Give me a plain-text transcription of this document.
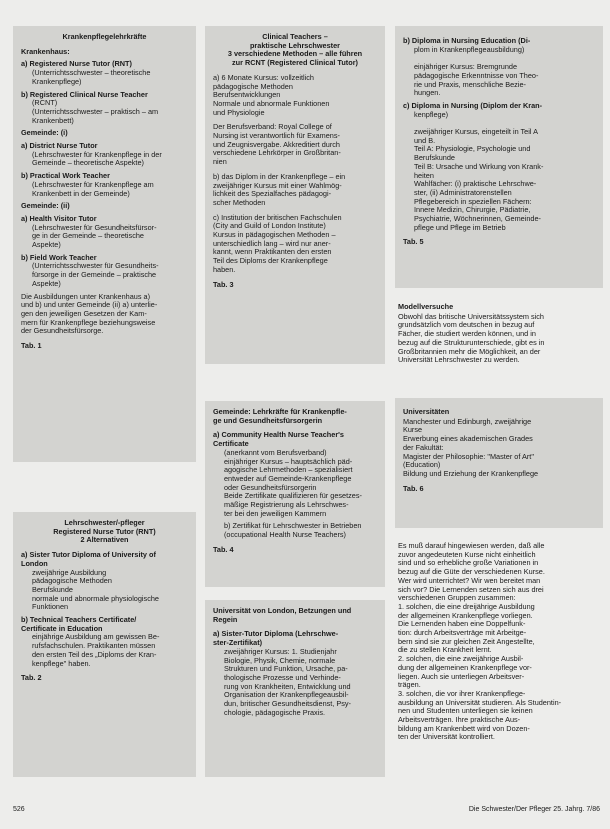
Krankenpflegelehrkräfte
Krankenhaus:
a) Registered Nurse Tutor (RNT)
(Unterrichtsschwester – theoretische
Krankenpflege)
b) Registered Clinical Nurse Teacher
(RCNT)
(Unterrichtsschwester – praktisch – am
Krankenbett)
Gemeinde: (i)
a) District Nurse Tutor
(Lehrschwester für Krankenpflege in der
Gemeinde – theoretische Aspekte)
b) Practical Work Teacher
(Lehrschwester für Krankenpflege am
Krankenbett in der Gemeinde)
Gemeinde: (ii)
a) Health Visitor Tutor
(Lehrschwester für Gesundheitsfürsor-
ge in der Gemeinde – theoretische
Aspekte)
b) Field Work Teacher
(Unterrichtsschwester für Gesundheits-
fürsorge in der Gemeinde – praktische
Aspekte)
Die Ausbildungen unter Krankenhaus a)
und b) und unter Gemeinde (ii) a) unterlie-
gen den jeweiligen Gesetzen der Kam-
mern für Krankenpflege beziehungsweise
der Gesundheitsfürsorge.
Tab. 1
Lehrschwester/-pfleger
Registered Nurse Tutor (RNT)
2 Alternativen
a) Sister Tutor Diploma of University of
London
zweijährige Ausbildung
pädagogische Methoden
Berufskunde
normale und abnormale physiologische
Funktionen
b) Technical Teachers Certificate/
Certificate in Education
einjährige Ausbildung am gewissen Be-
rufsfachschulen. Praktikanten müssen
den ersten Teil des „Diploms der Kran-
kenpflege" haben.
Tab. 2
Clinical Teachers –
praktische Lehrschwester
3 verschiedene Methoden – alle führen
zur RCNT (Registered Clinical Tutor)
a) 6 Monate Kursus: vollzeitlich
pädagogische Methoden
Berufsentwicklungen
Normale und abnormale Funktionen
und Physiologie
Der Berufsverband: Royal College of
Nursing ist verantwortlich für Examens-
und Zeugnisvergabe. Akkreditiert durch
verschiedene Lehrkörper in Großbritan-
nien
b) das Diplom in der Krankenpflege – ein
zweijähriger Kursus mit einer Wahlmög-
lichkeit des Spezialfaches pädagogi-
scher Methoden
c) Institution der britischen Fachschulen
(City and Guild of London Institute)
Kursus in pädagogischen Methoden –
unterschiedlich lang – wird nur aner-
kannt, wenn Praktikanten den ersten
Teil des Diploms der Krankenpflege
haben.
Tab. 3
Gemeinde: Lehrkräfte für Krankenpfle-
ge und Gesundheitsfürsorgerin
a) Community Health Nurse Teacher's
Certificate
(anerkannt vom Berufsverband)
einjähriger Kursus – hauptsächlich päd-
agogische Lehrmethoden – spezialisiert
entweder auf Gemeinde-Krankenpflege
oder Gesundheitsfürsorgerin
Beide Zertifikate qualifizieren für gesetzes-
mäßige Registrierung als Lehrschwes-
ter bei den jeweiligen Kammern
b) Zertifikat für Lehrschwester in Betrieben
(occupational Health Nurse Teachers)
Tab. 4
Universität von London, Betzungen und
Regein
a) Sister-Tutor Diploma (Lehrschwe-
ster-Zertifikat)
zweijähriger Kursus: 1. Studienjahr
Biologie, Physik, Chemie, normale
Strukturen und Funktion, Ursache, pa-
thologische Prozesse und Verhinde-
rung von Krankheiten, Entwicklung und
Organisation der Krankenpflegeausbil-
dun, britischer Gesundheitsdienst, Psy-
chologie, pädagogische Praxis.
b) Diploma in Nursing Education (Di-
plom in Krankenpflegeausbildung)

einjähriger Kursus: Bremgrunde
pädagogische Erkenntnisse von Theo-
rie und Praxis, menschliche Bezie-
hungen.
c) Diploma in Nursing (Diplom der Kran-
kenpflege)

zweijähriger Kursus, eingeteilt in Teil A
und B.
Teil A: Physiologie, Psychologie und
Berufskunde
Teil B: Ursache und Wirkung von Krank-
heiten
Wahlfächer: (i) praktische Lehrschwe-
ster, (ii) Administratorenstellen
Pflegebereich in speziellen Fächern:
Innere Medizin, Chirurgie, Pädiatrie,
Psychiatrie, Wöchnerinnen, Gemeinde-
pflege und Pflege im Betrieb
Tab. 5
Modellversuche
Obwohl das britische Universitätssystem sich
grundsätzlich vom deutschen in bezug auf
Fächer, die studiert werden können, und in
bezug auf die Strukturunterschiede, gibt es in
Großbritannien mehr die Möglichkeit, an der
Universität Lehrschwester zu werden.
Universitäten
Manchester und Edinburgh, zweijährige
Kurse
Erwerbung eines akademischen Grades
der Fakultät:
Magister der Philosophie: "Master of Art"
(Education)
Bildung und Erziehung der Krankenpflege
Tab. 6
Es muß darauf hingewiesen werden, daß alle
zuvor angedeuteten Kurse nicht einheitlich
sind und so erhebliche große Variationen in
bezug auf die Güte der verschiedenen Kurse.
Wer wird unterrichtet? Wir wen bereitet man
sich vor? Die Lernenden setzen sich aus drei
verschiedenen Gruppen zusammen:
1. solchen, die eine dreijährige Ausbildung
der allgemeinen Krankenpflege vorliegen.
Die Lernenden haben eine Doppelfunk-
tion: durch Arbeitsverträge mit Arbeitge-
bern sind sie zur gleichen Zeit Angestellte,
die zu stellen Krankheit lernt.
2. solchen, die eine zweijährige Ausbil-
dung der allgemeinen Krankenpflege vor-
liegen. Auch sie unterliegen Arbeitsver-
trägen.
3. solchen, die vor ihrer Krankenpflege-
ausbildung an Universität studieren. Als Studentin-
nen und Studenten unterliegen sie keinen
Arbeitsverträgen. Ihre praktische Aus-
bildung am Krankenbett wird von Dozen-
ten der Universität kontrolliert.
526	Die Schwester/Der Pfleger 25. Jahrg. 7/86
